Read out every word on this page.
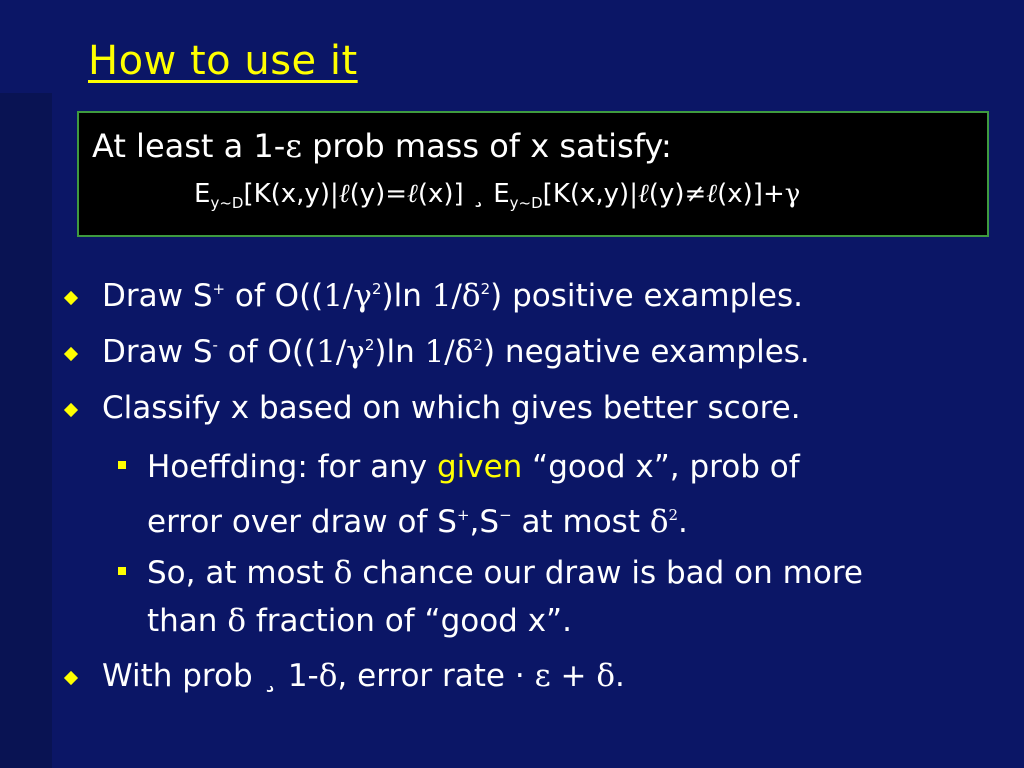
How to use it
At least a 1-ε prob mass of x satisfy:
$E_{y\sim D}[K(x,y)|\ell(y)=\ell(x)]$ ¸ $E_{y\sim D}[K(x,y)|\ell(y)\ne\ell(x)]+\gamma$
Draw S+ of $O((1/\gamma^2)\ln$ $1/\delta^2$) positive examples.
Draw S- of $O((1/\gamma^2)\ln$ $1/\delta^2$) negative examples.
Classify x based on which gives better score.
Hoeffding: for any given “good x”, prob of
error over draw of S+,S− at most $\delta^2$.
So, at most δ chance our draw is bad on more
than δ fraction of “good x”.
With prob ¸ 1-δ, error rate · ε + δ.
